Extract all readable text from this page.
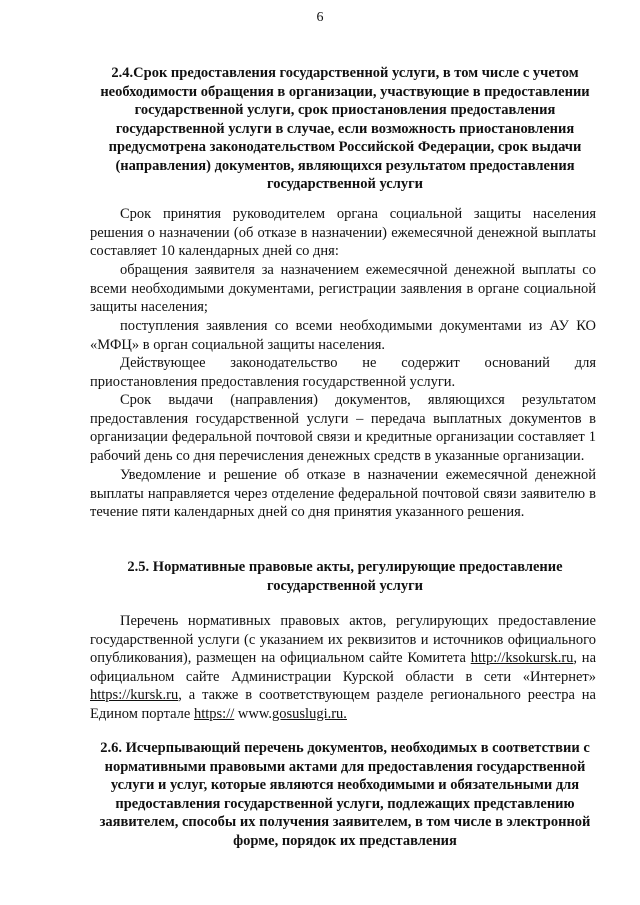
6
2.4.Срок предоставления государственной услуги, в том числе с учетом необходимости обращения в организации, участвующие в предоставлении государственной услуги, срок приостановления предоставления государственной услуги в случае, если возможность приостановления предусмотрена законодательством Российской Федерации, срок выдачи (направления) документов, являющихся результатом предоставления государственной услуги
Срок принятия руководителем органа социальной защиты населения решения о назначении (об отказе в назначении) ежемесячной денежной выплаты составляет 10 календарных дней со дня:
обращения заявителя за назначением ежемесячной денежной выплаты со всеми необходимыми документами, регистрации заявления в органе социальной защиты населения;
поступления заявления со всеми необходимыми документами из АУ КО «МФЦ» в орган социальной защиты населения.
Действующее законодательство не содержит оснований для приостановления предоставления государственной услуги.
Срок выдачи (направления) документов, являющихся результатом предоставления государственной услуги – передача выплатных документов в организации федеральной почтовой связи и кредитные организации составляет 1 рабочий день со дня перечисления денежных средств в указанные организации.
Уведомление и решение об отказе в назначении ежемесячной денежной выплаты направляется через отделение федеральной почтовой связи заявителю в течение пяти календарных дней со дня принятия указанного решения.
2.5. Нормативные правовые акты, регулирующие предоставление государственной услуги
Перечень нормативных правовых актов, регулирующих предоставление государственной услуги (с указанием их реквизитов и источников официального опубликования), размещен на официальном сайте Комитета http://ksokursk.ru, на официальном сайте Администрации Курской области в сети «Интернет» https://kursk.ru, а также в соответствующем разделе регионального реестра на Едином портале https:// www.gosuslugi.ru.
2.6. Исчерпывающий перечень документов, необходимых в соответствии с нормативными правовыми актами для предоставления государственной услуги и услуг, которые являются необходимыми и обязательными для предоставления государственной услуги, подлежащих представлению заявителем, способы их получения заявителем, в том числе в электронной форме, порядок их представления
